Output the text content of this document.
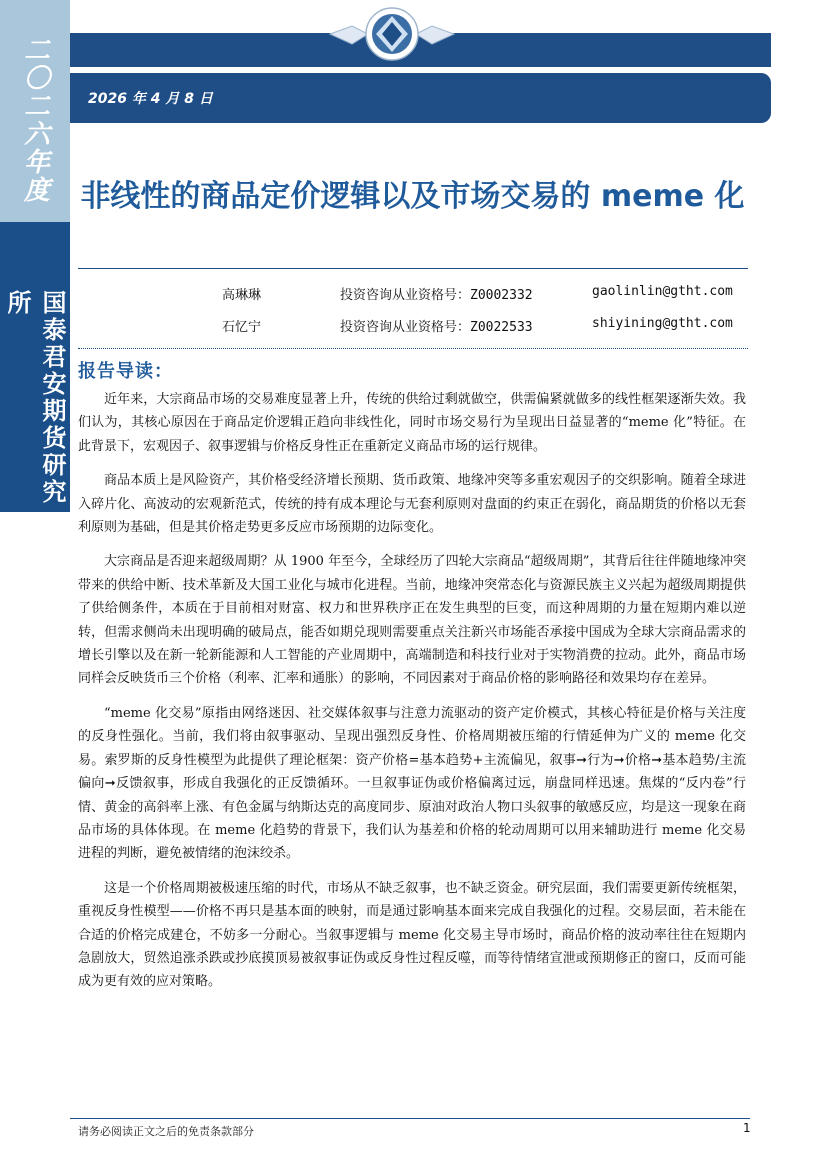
二〇二六年度
国泰君安期货研究所
2026 年 4 月 8 日
非线性的商品定价逻辑以及市场交易的 meme 化
高琳琳	投资咨询从业资格号：Z0002332	gaolinlin@gtht.com
石忆宁	投资咨询从业资格号：Z0022533	shiyining@gtht.com
报告导读：

近年来，大宗商品市场的交易难度显著上升，传统的供给过剩就做空，供需偏紧就做多的线性框架逐渐失效。我们认为，其核心原因在于商品定价逻辑正趋向非线性化，同时市场交易行为呈现出日益显著的“meme 化”特征。在此背景下，宏观因子、叙事逻辑与价格反身性正在重新定义商品市场的运行规律。

商品本质上是风险资产，其价格受经济增长预期、货币政策、地缘冲突等多重宏观因子的交织影响。随着全球进入碎片化、高波动的宏观新范式，传统的持有成本理论与无套利原则对盘面的约束正在弱化，商品期货的价格以无套利原则为基础，但是其价格走势更多反应市场预期的边际变化。

大宗商品是否迎来超级周期？从 1900 年至今，全球经历了四轮大宗商品“超级周期”，其背后往往伴随地缘冲突带来的供给中断、技术革新及大国工业化与城市化进程。当前，地缘冲突常态化与资源民族主义兴起为超级周期提供了供给侧条件，本质在于目前相对财富、权力和世界秩序正在发生典型的巨变，而这种周期的力量在短期内难以逆转，但需求侧尚未出现明确的破局点，能否如期兑现则需要重点关注新兴市场能否承接中国成为全球大宗商品需求的增长引擎以及在新一轮新能源和人工智能的产业周期中，高端制造和科技行业对于实物消费的拉动。此外，商品市场同样会反映货币三个价格（利率、汇率和通胀）的影响，不同因素对于商品价格的影响路径和效果均存在差异。

“meme 化交易”原指由网络迷因、社交媒体叙事与注意力流驱动的资产定价模式，其核心特征是价格与关注度的反身性强化。当前，我们将由叙事驱动、呈现出强烈反身性、价格周期被压缩的行情延伸为广义的 meme 化交易。索罗斯的反身性模型为此提供了理论框架：资产价格=基本趋势+主流偏见，叙事➞行为➞价格➞基本趋势/主流偏向➞反馈叙事，形成自我强化的正反馈循环。一旦叙事证伪或价格偏离过远，崩盘同样迅速。焦煤的“反内卷”行情、黄金的高斜率上涨、有色金属与纳斯达克的高度同步、原油对政治人物口头叙事的敏感反应，均是这一现象在商品市场的具体体现。在 meme 化趋势的背景下，我们认为基差和价格的轮动周期可以用来辅助进行 meme 化交易进程的判断，避免被情绪的泡沫绞杀。

这是一个价格周期被极速压缩的时代，市场从不缺乏叙事，也不缺乏资金。研究层面，我们需要更新传统框架，重视反身性模型——价格不再只是基本面的映射，而是通过影响基本面来完成自我强化的过程。交易层面，若未能在合适的价格完成建仓，不妨多一分耐心。当叙事逻辑与 meme 化交易主导市场时，商品价格的波动率往往在短期内急剧放大，贸然追涨杀跌或抄底摸顶易被叙事证伪或反身性过程反噬，而等待情绪宣泄或预期修正的窗口，反而可能成为更有效的应对策略。

请务必阅读正文之后的免责条款部分	1
